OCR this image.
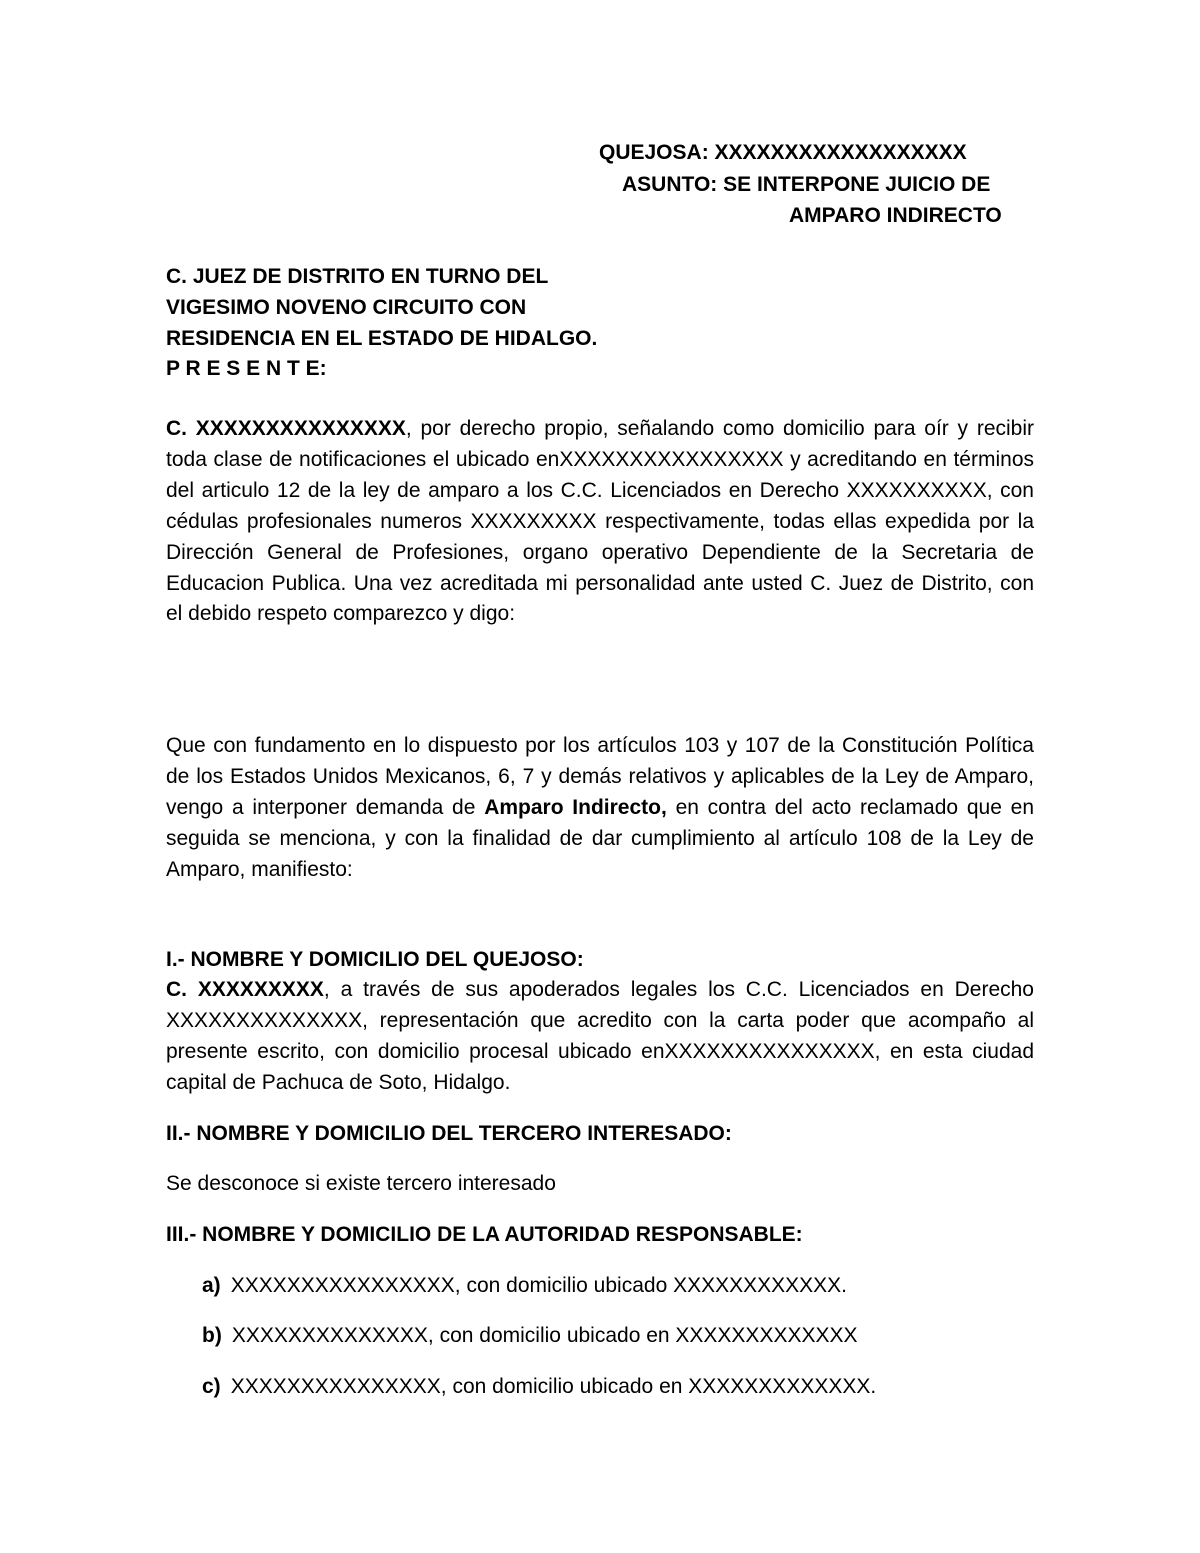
QUEJOSA: XXXXXXXXXXXXXXXXXX
ASUNTO: SE INTERPONE JUICIO DE
AMPARO INDIRECTO
C. JUEZ DE DISTRITO EN TURNO DEL
VIGESIMO NOVENO CIRCUITO CON
RESIDENCIA EN EL ESTADO DE HIDALGO.
P R E S E N T E:

C. XXXXXXXXXXXXXXX, por derecho propio, señalando como domicilio para oír y recibir toda clase de notificaciones el ubicado enXXXXXXXXXXXXXXXX y acreditando en términos del articulo 12 de la ley de amparo a los C.C. Licenciados en Derecho XXXXXXXXXX, con cédulas profesionales numeros XXXXXXXXX respectivamente, todas ellas expedida por la Dirección General de Profesiones, organo operativo Dependiente de la Secretaria de Educacion Publica. Una vez acreditada mi personalidad ante usted C. Juez de Distrito, con el debido respeto comparezco y digo:

Que con fundamento en lo dispuesto por los artículos 103 y 107 de la Constitución Política de los Estados Unidos Mexicanos, 6, 7 y demás relativos y aplicables de la Ley de Amparo, vengo a interponer demanda de Amparo Indirecto, en contra del acto reclamado que en seguida se menciona, y con la finalidad de dar cumplimiento al artículo 108 de la Ley de Amparo, manifiesto:

I.- NOMBRE Y DOMICILIO DEL QUEJOSO:

C. XXXXXXXXX, a través de sus apoderados legales los C.C. Licenciados en Derecho XXXXXXXXXXXXXX, representación que acredito con la carta poder que acompaño al presente escrito, con domicilio procesal ubicado enXXXXXXXXXXXXXXX, en esta ciudad capital de Pachuca de Soto, Hidalgo.

II.- NOMBRE Y DOMICILIO DEL TERCERO INTERESADO:

Se desconoce si existe tercero interesado

III.- NOMBRE Y DOMICILIO DE LA AUTORIDAD RESPONSABLE:
a) XXXXXXXXXXXXXXXX, con domicilio ubicado XXXXXXXXXXXX.
b) XXXXXXXXXXXXXX, con domicilio ubicado en XXXXXXXXXXXXX
c) XXXXXXXXXXXXXXX, con domicilio ubicado en XXXXXXXXXXXXX.
